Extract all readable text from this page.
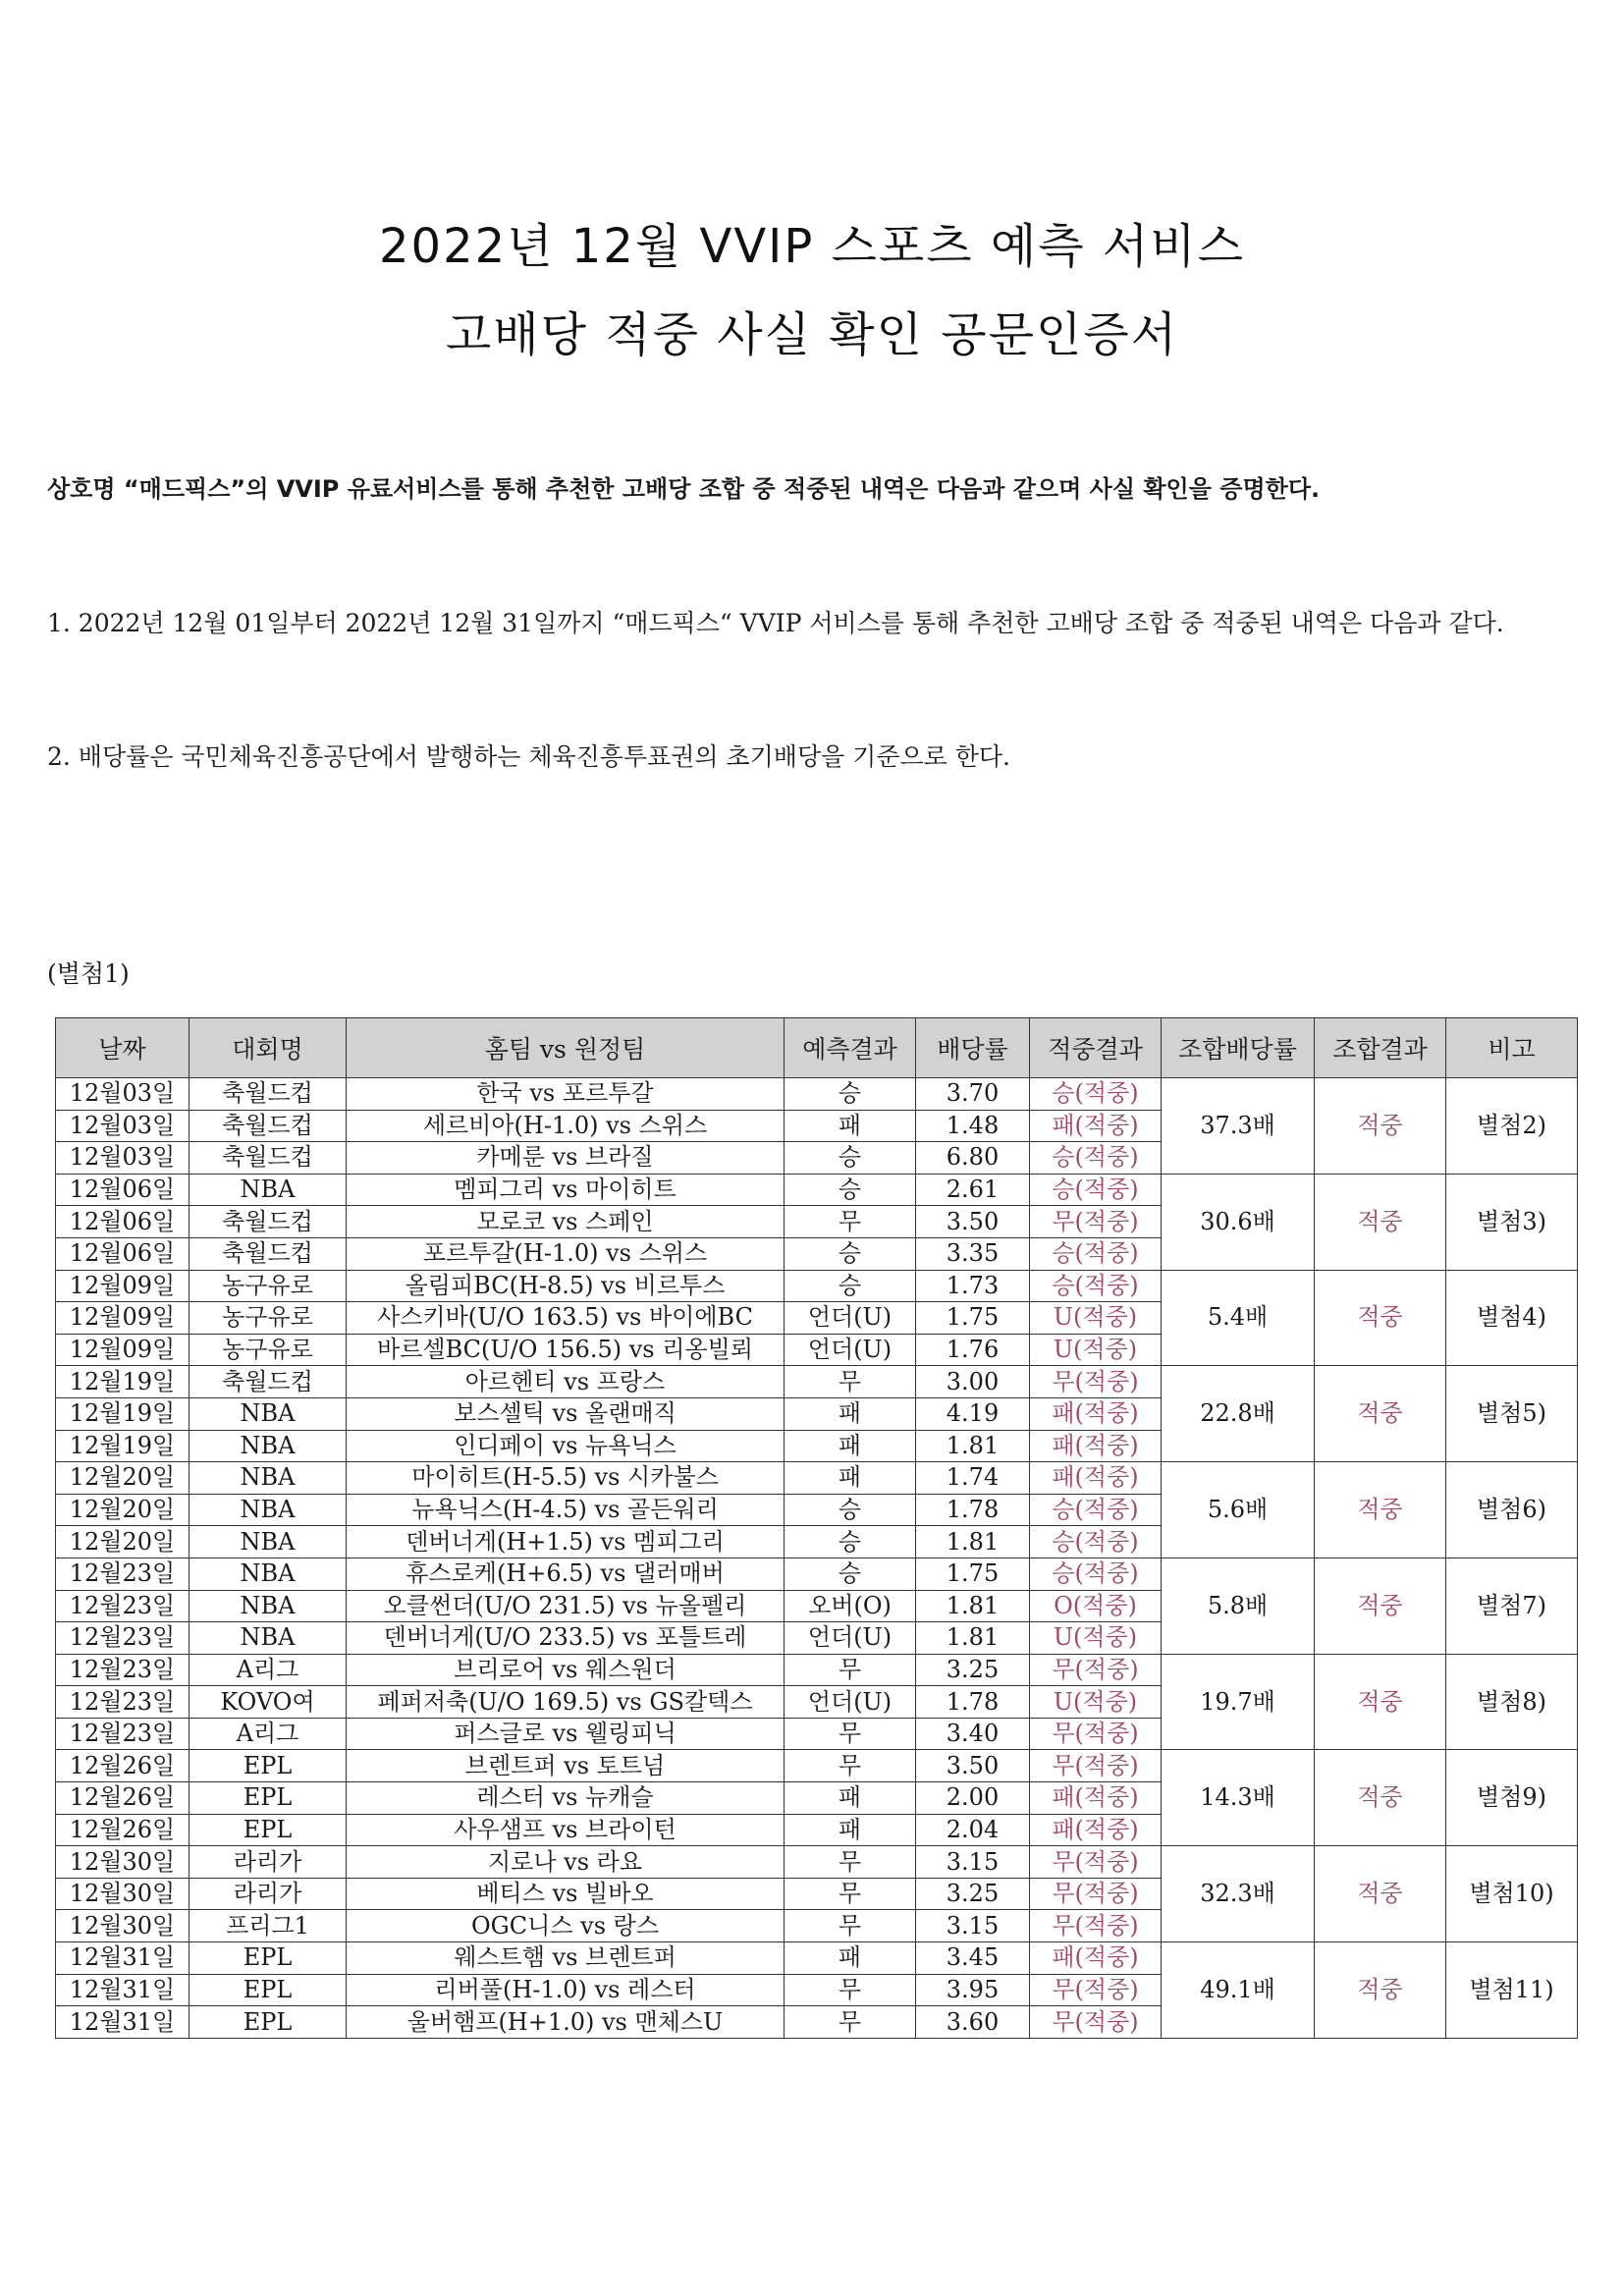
2022년 12월 VVIP 스포츠 예측 서비스
고배당 적중 사실 확인 공문인증서
상호명 “매드픽스”의 VVIP 유료서비스를 통해 추천한 고배당 조합 중 적중된 내역은 다음과 같으며 사실 확인을 증명한다.
1. 2022년 12월 01일부터 2022년 12월 31일까지 “매드픽스“ VVIP 서비스를 통해 추천한 고배당 조합 중 적중된 내역은 다음과 같다.
2. 배당률은 국민체육진흥공단에서 발행하는 체육진흥투표권의 초기배당을 기준으로 한다.
(별첨1)
날짜	대회명	홈팀 vs 원정팀	예측결과	배당률	적중결과	조합배당률	조합결과	비고
12월03일	축월드컵	한국 vs 포르투갈	승	3.70	승(적중)	37.3배	적중	별첨2)
12월03일	축월드컵	세르비아(H-1.0) vs 스위스	패	1.48	패(적중)			
12월03일	축월드컵	카메룬 vs 브라질	승	6.80	승(적중)			
12월06일	NBA	멤피그리 vs 마이히트	승	2.61	승(적중)	30.6배	적중	별첨3)
12월06일	축월드컵	모로코 vs 스페인	무	3.50	무(적중)			
12월06일	축월드컵	포르투갈(H-1.0) vs 스위스	승	3.35	승(적중)			
12월09일	농구유로	올림피BC(H-8.5) vs 비르투스	승	1.73	승(적중)	5.4배	적중	별첨4)
12월09일	농구유로	사스키바(U/O 163.5) vs 바이에BC	언더(U)	1.75	U(적중)			
12월09일	농구유로	바르셀BC(U/O 156.5) vs 리옹빌뢰	언더(U)	1.76	U(적중)			
12월19일	축월드컵	아르헨티 vs 프랑스	무	3.00	무(적중)	22.8배	적중	별첨5)
12월19일	NBA	보스셀틱 vs 올랜매직	패	4.19	패(적중)			
12월19일	NBA	인디페이 vs 뉴욕닉스	패	1.81	패(적중)			
12월20일	NBA	마이히트(H-5.5) vs 시카불스	패	1.74	패(적중)	5.6배	적중	별첨6)
12월20일	NBA	뉴욕닉스(H-4.5) vs 골든워리	승	1.78	승(적중)			
12월20일	NBA	덴버너게(H+1.5) vs 멤피그리	승	1.81	승(적중)			
12월23일	NBA	휴스로케(H+6.5) vs 댈러매버	승	1.75	승(적중)	5.8배	적중	별첨7)
12월23일	NBA	오클썬더(U/O 231.5) vs 뉴올펠리	오버(O)	1.81	O(적중)			
12월23일	NBA	덴버너게(U/O 233.5) vs 포틀트레	언더(U)	1.81	U(적중)			
12월23일	A리그	브리로어 vs 웨스원더	무	3.25	무(적중)	19.7배	적중	별첨8)
12월23일	KOVO여	페퍼저축(U/O 169.5) vs GS칼텍스	언더(U)	1.78	U(적중)			
12월23일	A리그	퍼스글로 vs 웰링피닉	무	3.40	무(적중)			
12월26일	EPL	브렌트퍼 vs 토트넘	무	3.50	무(적중)	14.3배	적중	별첨9)
12월26일	EPL	레스터 vs 뉴캐슬	패	2.00	패(적중)			
12월26일	EPL	사우샘프 vs 브라이턴	패	2.04	패(적중)			
12월30일	라리가	지로나 vs 라요	무	3.15	무(적중)	32.3배	적중	별첨10)
12월30일	라리가	베티스 vs 빌바오	무	3.25	무(적중)			
12월30일	프리그1	OGC니스 vs 랑스	무	3.15	무(적중)			
12월31일	EPL	웨스트햄 vs 브렌트퍼	패	3.45	패(적중)	49.1배	적중	별첨11)
12월31일	EPL	리버풀(H-1.0) vs 레스터	무	3.95	무(적중)			
12월31일	EPL	울버햄프(H+1.0) vs 맨체스U	무	3.60	무(적중)			
